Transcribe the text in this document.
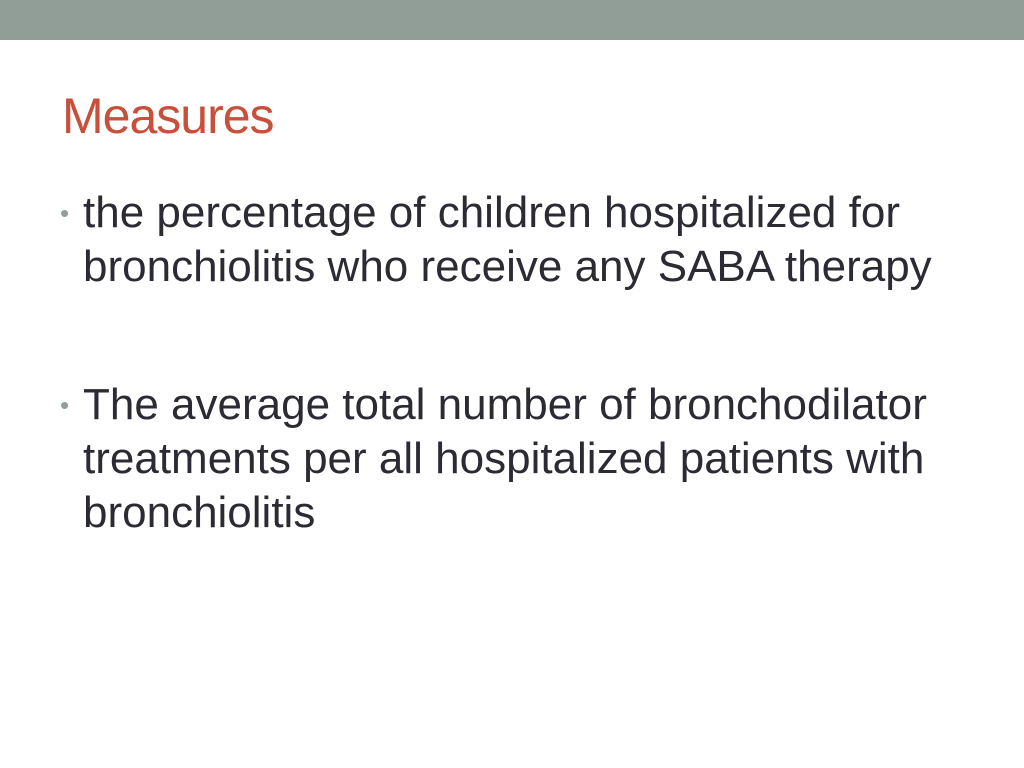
Measures
• the percentage of children hospitalized for bronchiolitis who receive any SABA therapy
• The average total number of bronchodilator treatments per all hospitalized patients with bronchiolitis
